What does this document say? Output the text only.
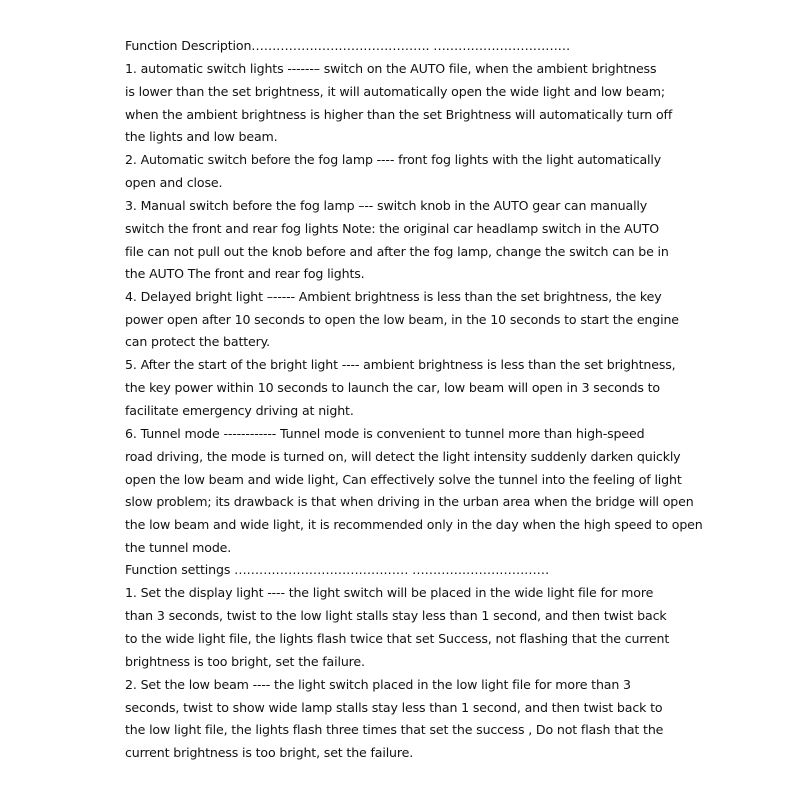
Function Description……………………………………. ……………………………
1. automatic switch lights ------– switch on the AUTO file, when the ambient brightness
is lower than the set brightness, it will automatically open the wide light and low beam;
when the ambient brightness is higher than the set Brightness will automatically turn off
the lights and low beam.
2. Automatic switch before the fog lamp ---- front fog lights with the light automatically
open and close.
3. Manual switch before the fog lamp –-- switch knob in the AUTO gear can manually
switch the front and rear fog lights Note: the original car headlamp switch in the AUTO
file can not pull out the knob before and after the fog lamp, change the switch can be in
the AUTO The front and rear fog lights.
4. Delayed bright light –----- Ambient brightness is less than the set brightness, the key
power open after 10 seconds to open the low beam, in the 10 seconds to start the engine
can protect the battery.
5. After the start of the bright light ---- ambient brightness is less than the set brightness,
the key power within 10 seconds to launch the car, low beam will open in 3 seconds to
facilitate emergency driving at night.
6. Tunnel mode ------------ Tunnel mode is convenient to tunnel more than high-speed
road driving, the mode is turned on, will detect the light intensity suddenly darken quickly
open the low beam and wide light, Can effectively solve the tunnel into the feeling of light
slow problem; its drawback is that when driving in the urban area when the bridge will open
the low beam and wide light, it is recommended only in the day when the high speed to open
the tunnel mode.
Function settings …………………………………… ……………………………
1. Set the display light ---- the light switch will be placed in the wide light file for more
than 3 seconds, twist to the low light stalls stay less than 1 second, and then twist back
to the wide light file, the lights flash twice that set Success, not flashing that the current
brightness is too bright, set the failure.
2. Set the low beam ---- the light switch placed in the low light file for more than 3
seconds, twist to show wide lamp stalls stay less than 1 second, and then twist back to
the low light file, the lights flash three times that set the success , Do not flash that the
current brightness is too bright, set the failure.
